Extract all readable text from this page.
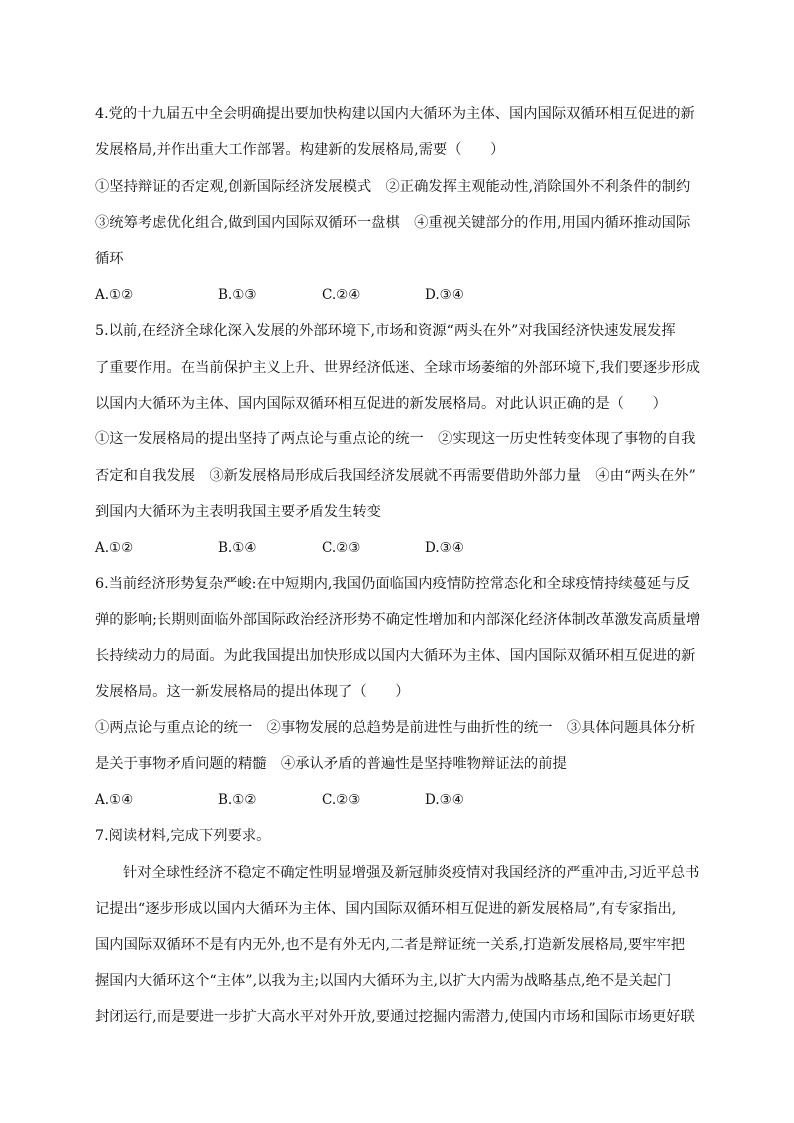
4.党的十九届五中全会明确提出要加快构建以国内大循环为主体、国内国际双循环相互促进的新
发展格局,并作出重大工作部署。构建新的发展格局,需要（　　）
①坚持辩证的否定观,创新国际经济发展模式　②正确发挥主观能动性,消除国外不利条件的制约
③统筹考虑优化组合,做到国内国际双循环一盘棋　④重视关键部分的作用,用国内循环推动国际
循环
A.①②	B.①③	C.②④	D.③④
5.以前,在经济全球化深入发展的外部环境下,市场和资源“两头在外”对我国经济快速发展发挥
了重要作用。在当前保护主义上升、世界经济低迷、全球市场萎缩的外部环境下,我们要逐步形成
以国内大循环为主体、国内国际双循环相互促进的新发展格局。对此认识正确的是（　　）
①这一发展格局的提出坚持了两点论与重点论的统一　②实现这一历史性转变体现了事物的自我
否定和自我发展　③新发展格局形成后我国经济发展就不再需要借助外部力量　④由“两头在外”
到国内大循环为主表明我国主要矛盾发生转变
A.①②	B.①④	C.②③	D.③④
6.当前经济形势复杂严峻:在中短期内,我国仍面临国内疫情防控常态化和全球疫情持续蔓延与反
弹的影响;长期则面临外部国际政治经济形势不确定性增加和内部深化经济体制改革激发高质量增
长持续动力的局面。为此我国提出加快形成以国内大循环为主体、国内国际双循环相互促进的新
发展格局。这一新发展格局的提出体现了（　　）
①两点论与重点论的统一　②事物发展的总趋势是前进性与曲折性的统一　③具体问题具体分析
是关于事物矛盾问题的精髓　④承认矛盾的普遍性是坚持唯物辩证法的前提
A.①④	B.①②	C.②③	D.③④
7.阅读材料,完成下列要求。
针对全球性经济不稳定不确定性明显增强及新冠肺炎疫情对我国经济的严重冲击,习近平总书
记提出“逐步形成以国内大循环为主体、国内国际双循环相互促进的新发展格局”,有专家指出,
国内国际双循环不是有内无外,也不是有外无内,二者是辩证统一关系,打造新发展格局,要牢牢把
握国内大循环这个“主体”,以我为主;以国内大循环为主,以扩大内需为战略基点,绝不是关起门
封闭运行,而是要进一步扩大高水平对外开放,要通过挖掘内需潜力,使国内市场和国际市场更好联
